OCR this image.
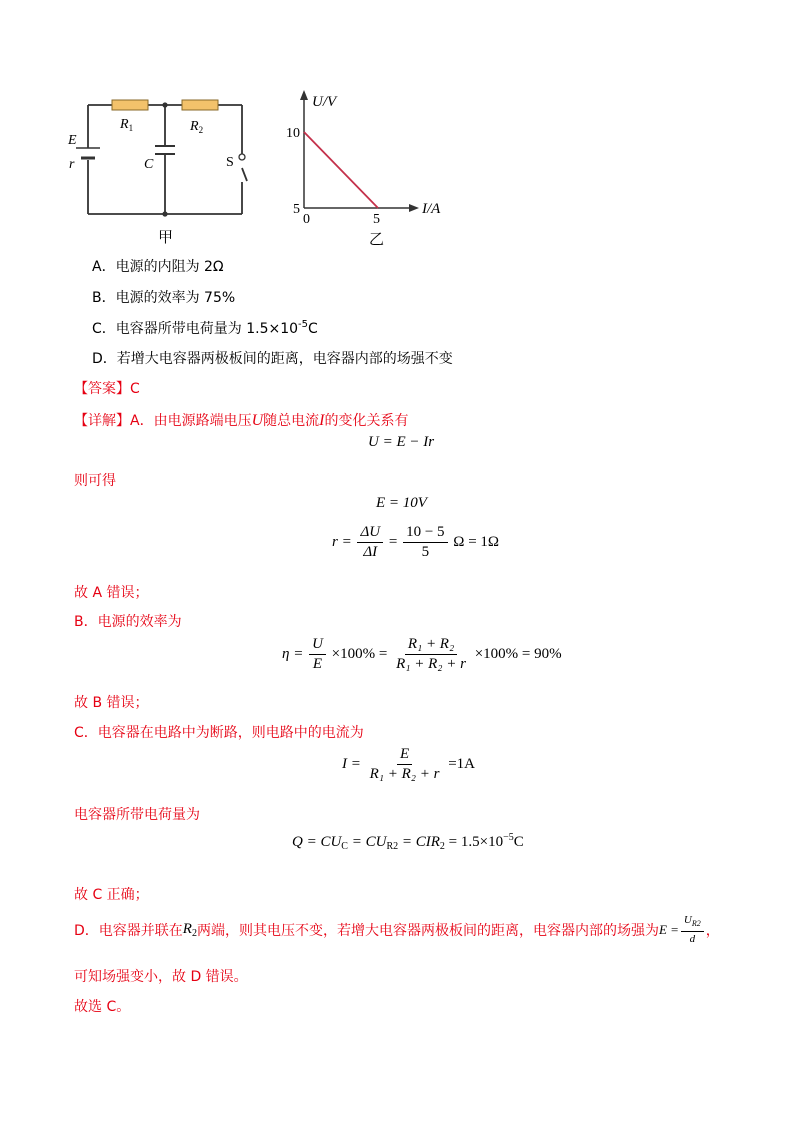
E
r
$R_1$	$R_2$
C	S
甲
U/V
I/A
10
5
0	5
乙
A．电源的内阻为 2Ω
B．电源的效率为 75%
C．电容器所带电荷量为 $1.5\times 10^{-5}C$
D．若增大电容器两极板间的距离，电容器内部的场强不变
【答案】C
【详解】A．由电源路端电压U随总电流I的变化关系有
U = E − Ir
则可得
E = 10V
$r = \frac{\Delta U}{\Delta I} = \frac{10 - 5}{5}$ Ω = 1Ω
故 A 错误；
B．电源的效率为
$\eta = \frac{U}{E} \times 100\% = \frac{\text{R₁ + R₂}}{\text{R₁ + R₂ + r}} \times 100\% = 90\%$
故 B 错误；
C．电容器在电路中为断路，则电路中的电流为
$I = \frac{E}{\text{R₁ + R₂ + r}} =1A$
电容器所带电荷量为
$Q = CU_C = CU_{R2} = CIR_2 = 1.5\times 10^{-5}C$
故 C 正确；
D．电容器并联在 $R_2$ 两端，则其电压不变，若增大电容器两极板间的距离，电容器内部的场强为 $E = \frac{U_{R2}}{d}$ ，
可知场强变小，故 D 错误。
故选 C。
